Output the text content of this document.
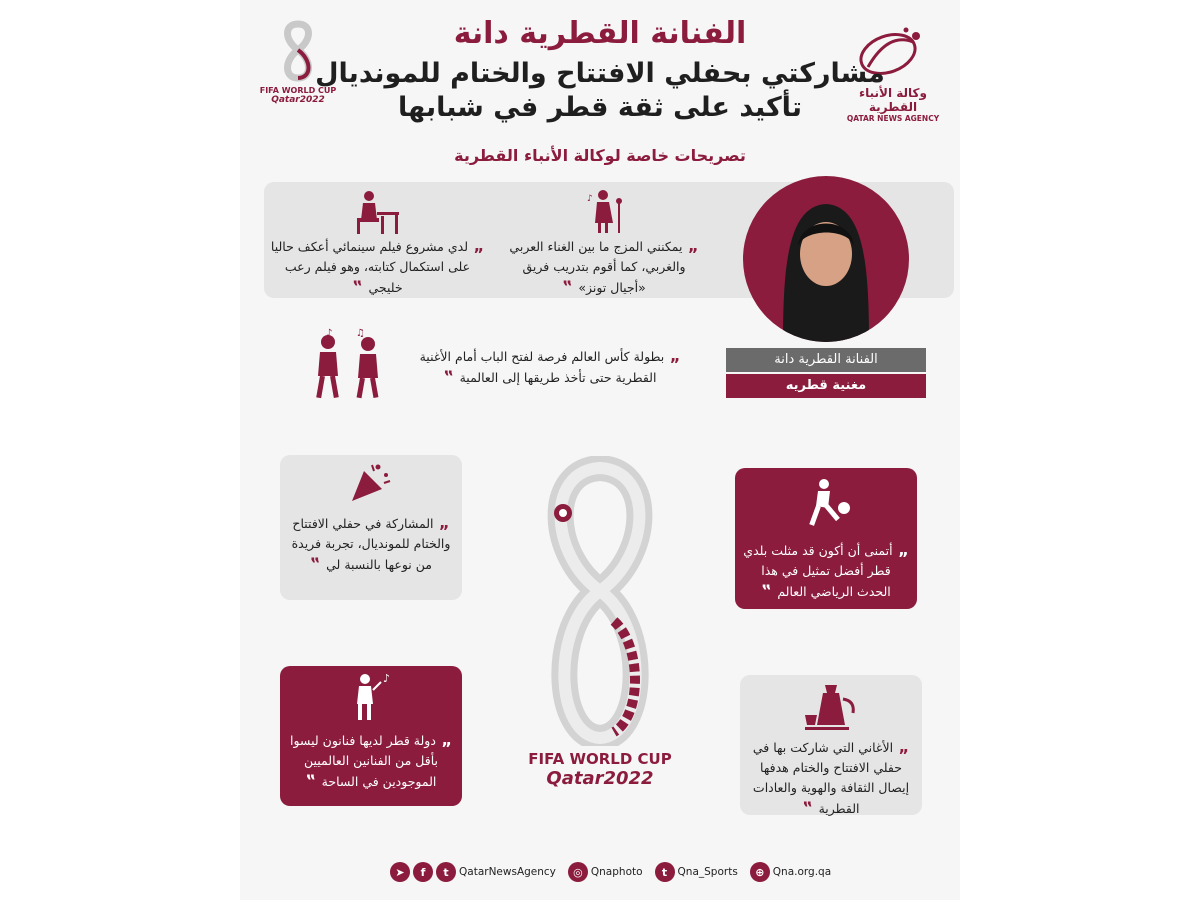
وكالة الأنباء القطرية
QATAR NEWS AGENCY
FIFA WORLD CUP
Qatar2022
الفنانة القطرية دانة
مشاركتي بحفلي الافتتاح والختام للمونديال
تأكيد على ثقة قطر في شبابها
تصريحات خاصة لوكالة الأنباء القطرية
♪
„ يمكنني المزج ما بين الغناء العربي والغربي، كما أقوم بتدريب فريق «أجيال تونز» ‟
„ لدي مشروع فيلم سينمائي أعكف حاليا على استكمال كتابته، وهو فيلم رعب خليجي ‟
♪ ♫
„ بطولة كأس العالم فرصة لفتح الباب أمام الأغنية القطرية حتى تأخذ طريقها إلى العالمية ‟
الفنانة القطرية دانة
مغنية قطريه
„ المشاركة في حفلي الافتتاح والختام للمونديال، تجربة فريدة من نوعها بالنسبة لي ‟
„ أتمنى أن أكون قد مثلت بلدي قطر أفضل تمثيل في هذا الحدث الرياضي العالم ‟
FIFA WORLD CUP
Qatar2022
♪
„ دولة قطر لديها فنانون ليسوا بأقل من الفنانين العالميين الموجودين في الساحة ‟
„ الأغاني التي شاركت بها في حفلي الافتتاح والختام هدفها إيصال الثقافة والهوية والعادات القطرية ‟
➤	f	t QatarNewsAgency	◎ Qnaphoto	t Qna_Sports	⊕ Qna.org.qa
